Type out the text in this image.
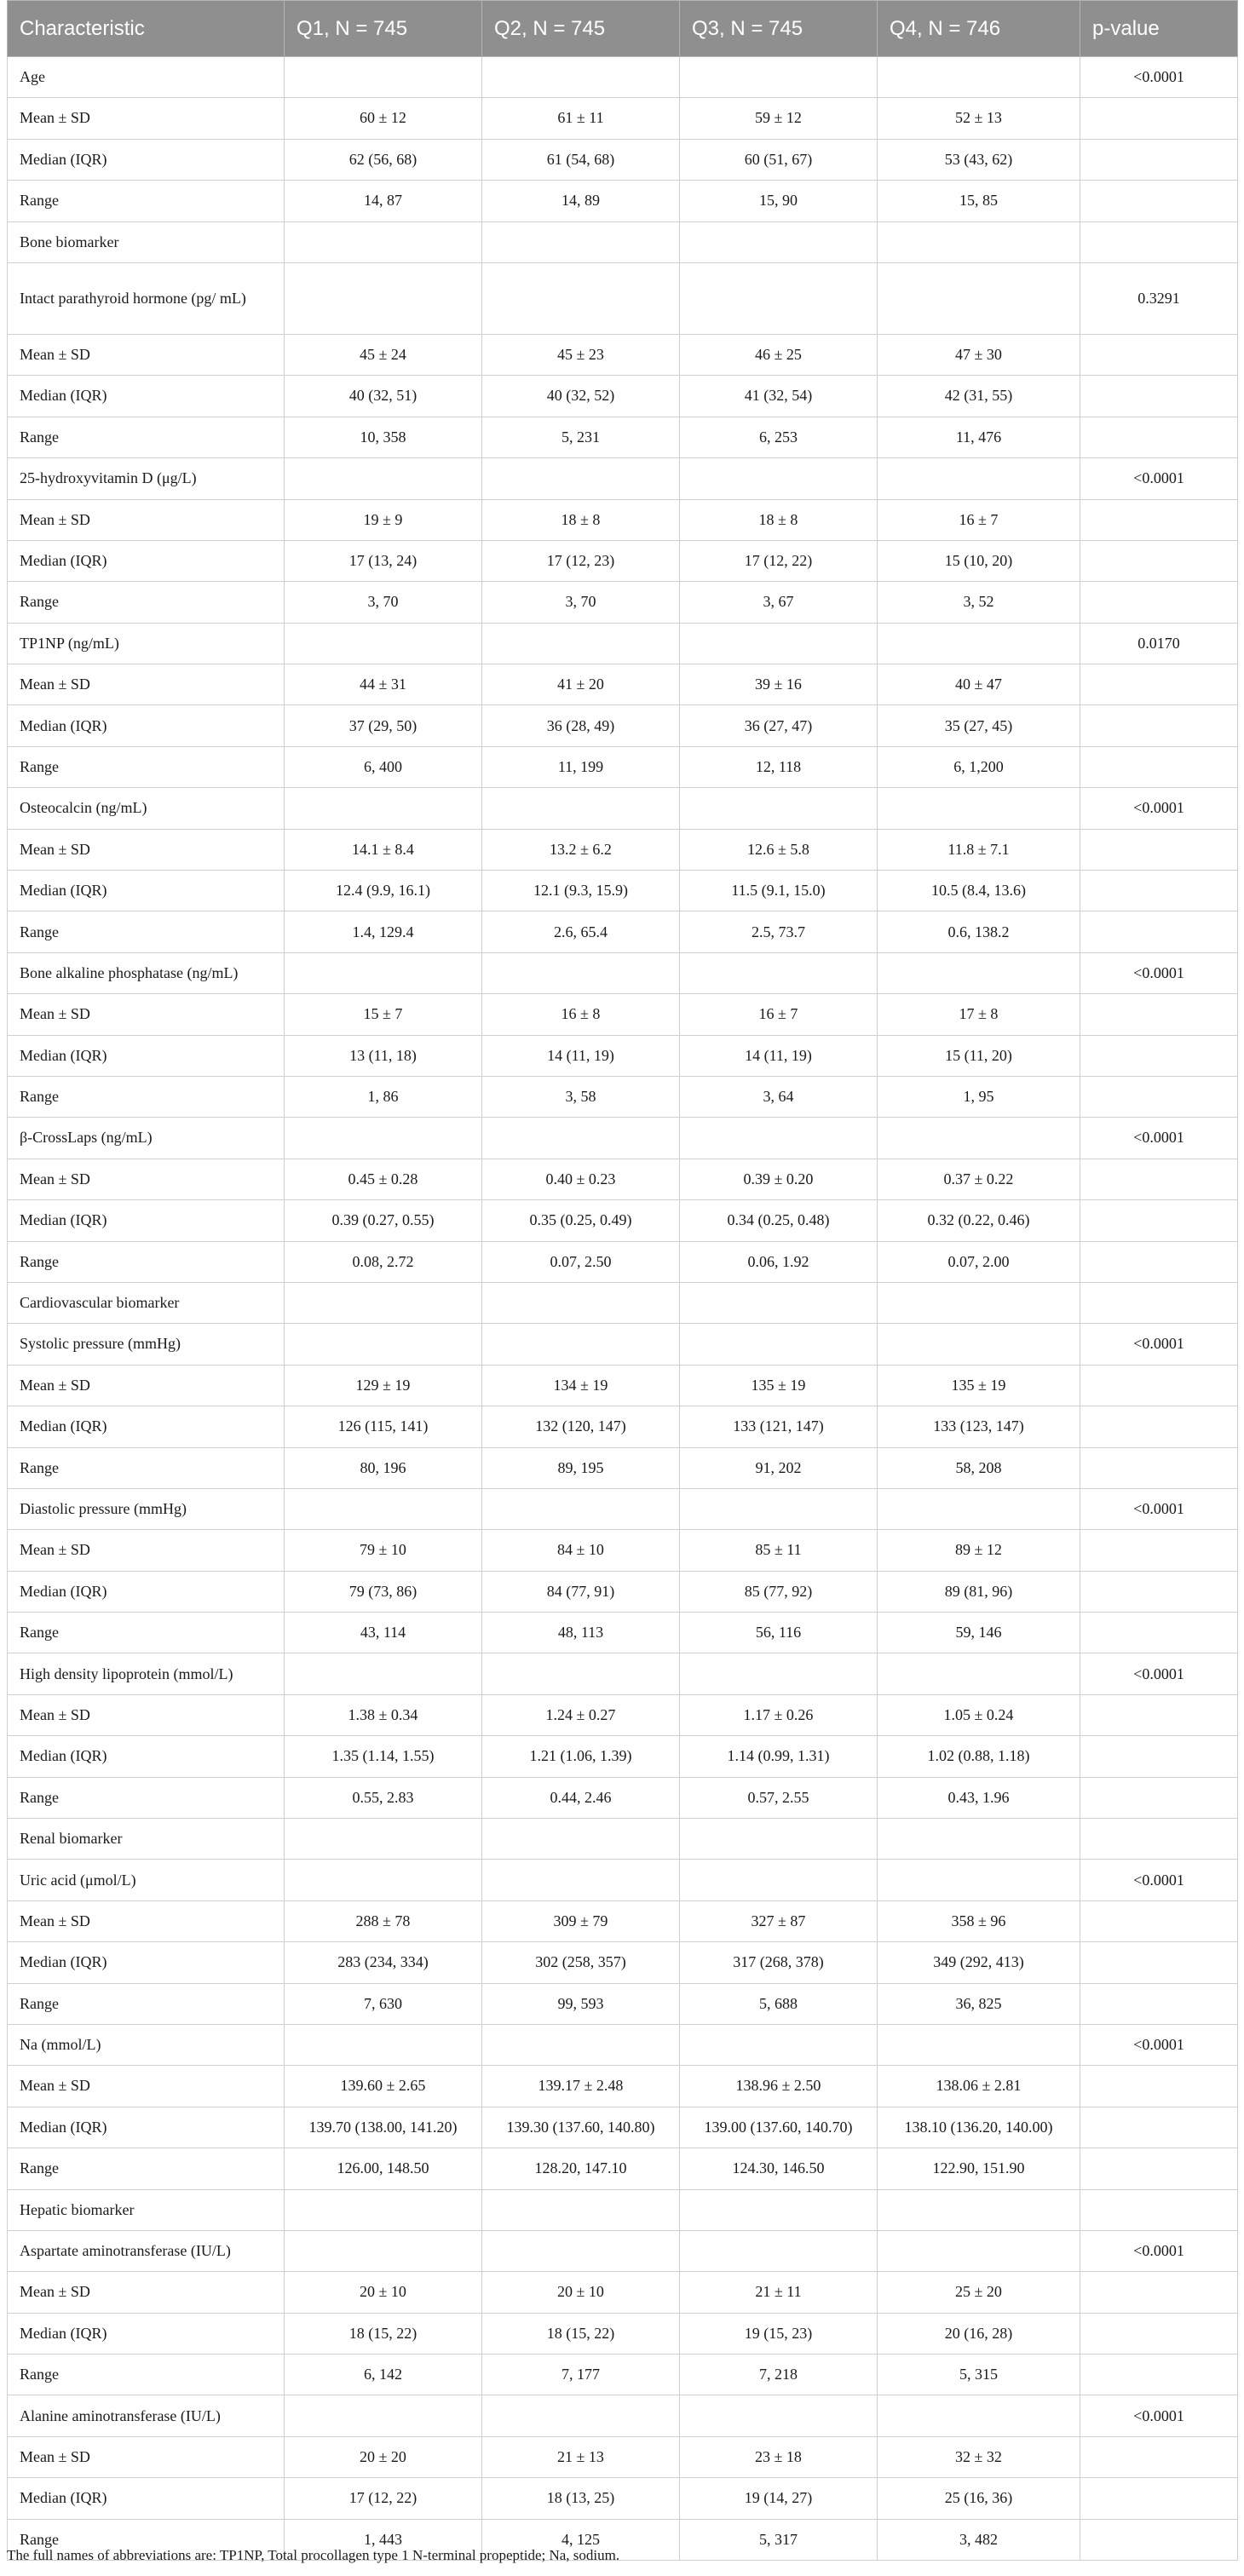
Characteristic	Q1, N = 745	Q2, N = 745	Q3, N = 745	Q4, N = 746	p-value
Age					<0.0001
Mean ± SD	60 ± 12	61 ± 11	59 ± 12	52 ± 13	
Median (IQR)	62 (56, 68)	61 (54, 68)	60 (51, 67)	53 (43, 62)	
Range	14, 87	14, 89	15, 90	15, 85	
Bone biomarker					
Intact parathyroid hormone (pg/ mL)					0.3291
Mean ± SD	45 ± 24	45 ± 23	46 ± 25	47 ± 30	
Median (IQR)	40 (32, 51)	40 (32, 52)	41 (32, 54)	42 (31, 55)	
Range	10, 358	5, 231	6, 253	11, 476	
25-hydroxyvitamin D (μg/L)					<0.0001
Mean ± SD	19 ± 9	18 ± 8	18 ± 8	16 ± 7	
Median (IQR)	17 (13, 24)	17 (12, 23)	17 (12, 22)	15 (10, 20)	
Range	3, 70	3, 70	3, 67	3, 52	
TP1NP (ng/mL)					0.0170
Mean ± SD	44 ± 31	41 ± 20	39 ± 16	40 ± 47	
Median (IQR)	37 (29, 50)	36 (28, 49)	36 (27, 47)	35 (27, 45)	
Range	6, 400	11, 199	12, 118	6, 1,200	
Osteocalcin (ng/mL)					<0.0001
Mean ± SD	14.1 ± 8.4	13.2 ± 6.2	12.6 ± 5.8	11.8 ± 7.1	
Median (IQR)	12.4 (9.9, 16.1)	12.1 (9.3, 15.9)	11.5 (9.1, 15.0)	10.5 (8.4, 13.6)	
Range	1.4, 129.4	2.6, 65.4	2.5, 73.7	0.6, 138.2	
Bone alkaline phosphatase (ng/mL)					<0.0001
Mean ± SD	15 ± 7	16 ± 8	16 ± 7	17 ± 8	
Median (IQR)	13 (11, 18)	14 (11, 19)	14 (11, 19)	15 (11, 20)	
Range	1, 86	3, 58	3, 64	1, 95	
β-CrossLaps (ng/mL)					<0.0001
Mean ± SD	0.45 ± 0.28	0.40 ± 0.23	0.39 ± 0.20	0.37 ± 0.22	
Median (IQR)	0.39 (0.27, 0.55)	0.35 (0.25, 0.49)	0.34 (0.25, 0.48)	0.32 (0.22, 0.46)	
Range	0.08, 2.72	0.07, 2.50	0.06, 1.92	0.07, 2.00	
Cardiovascular biomarker					
Systolic pressure (mmHg)					<0.0001
Mean ± SD	129 ± 19	134 ± 19	135 ± 19	135 ± 19	
Median (IQR)	126 (115, 141)	132 (120, 147)	133 (121, 147)	133 (123, 147)	
Range	80, 196	89, 195	91, 202	58, 208	
Diastolic pressure (mmHg)					<0.0001
Mean ± SD	79 ± 10	84 ± 10	85 ± 11	89 ± 12	
Median (IQR)	79 (73, 86)	84 (77, 91)	85 (77, 92)	89 (81, 96)	
Range	43, 114	48, 113	56, 116	59, 146	
High density lipoprotein (mmol/L)					<0.0001
Mean ± SD	1.38 ± 0.34	1.24 ± 0.27	1.17 ± 0.26	1.05 ± 0.24	
Median (IQR)	1.35 (1.14, 1.55)	1.21 (1.06, 1.39)	1.14 (0.99, 1.31)	1.02 (0.88, 1.18)	
Range	0.55, 2.83	0.44, 2.46	0.57, 2.55	0.43, 1.96	
Renal biomarker					
Uric acid (μmol/L)					<0.0001
Mean ± SD	288 ± 78	309 ± 79	327 ± 87	358 ± 96	
Median (IQR)	283 (234, 334)	302 (258, 357)	317 (268, 378)	349 (292, 413)	
Range	7, 630	99, 593	5, 688	36, 825	
Na (mmol/L)					<0.0001
Mean ± SD	139.60 ± 2.65	139.17 ± 2.48	138.96 ± 2.50	138.06 ± 2.81	
Median (IQR)	139.70 (138.00, 141.20)	139.30 (137.60, 140.80)	139.00 (137.60, 140.70)	138.10 (136.20, 140.00)	
Range	126.00, 148.50	128.20, 147.10	124.30, 146.50	122.90, 151.90	
Hepatic biomarker					
Aspartate aminotransferase (IU/L)					<0.0001
Mean ± SD	20 ± 10	20 ± 10	21 ± 11	25 ± 20	
Median (IQR)	18 (15, 22)	18 (15, 22)	19 (15, 23)	20 (16, 28)	
Range	6, 142	7, 177	7, 218	5, 315	
Alanine aminotransferase (IU/L)					<0.0001
Mean ± SD	20 ± 20	21 ± 13	23 ± 18	32 ± 32	
Median (IQR)	17 (12, 22)	18 (13, 25)	19 (14, 27)	25 (16, 36)	
Range	1, 443	4, 125	5, 317	3, 482	
The full names of abbreviations are: TP1NP, Total procollagen type 1 N-terminal propeptide; Na, sodium.
